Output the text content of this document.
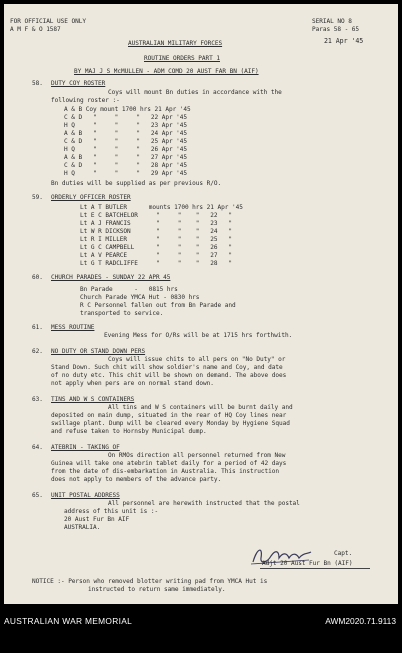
FOR OFFICIAL USE ONLY
A M F & O 1587
SERIAL NO 8
Paras 58 - 65
21 Apr '45
AUSTRALIAN MILITARY FORCES
ROUTINE ORDERS PART 1
BY MAJ J S McMULLEN - ADM COMD 20 AUST FAR BN (AIF)
58. DUTY COY ROSTER
Coys will mount Bn duties in accordance with the
following roster :-
A & B Coy mount 1700 hrs 21 Apr '45
C & D   "     "     "   22 Apr '45
H Q     "     "     "   23 Apr '45
A & B   "     "     "   24 Apr '45
C & D   "     "     "   25 Apr '45
H Q     "     "     "   26 Apr '45
A & B   "     "     "   27 Apr '45
C & D   "     "     "   28 Apr '45
H Q     "     "     "   29 Apr '45
Bn duties will be supplied as per previous R/O.
59. ORDERLY OFFICER ROSTER
Lt A T BUTLER      mounts 1700 hrs 21 Apr '45
Lt E C BATCHELOR     "     "    "   22   "
Lt A J FRANCIS       "     "    "   23   "
Lt W R DICKSON       "     "    "   24   "
Lt R I MILLER        "     "    "   25   "
Lt G C CAMPBELL      "     "    "   26   "
Lt A V PEARCE        "     "    "   27   "
Lt G T RADCLIFFE     "     "    "   28   "
60. CHURCH PARADES - SUNDAY 22 APR 45
Bn Parade      -   0815 hrs
Church Parade YMCA Hut - 0830 hrs
R C Personnel fallen out from Bn Parade and
transported to service.
61. MESS ROUTINE
Evening Mess for O/Rs will be at 1715 hrs forthwith.
62. NO DUTY OR STAND DOWN PERS
Coys will issue chits to all pers on "No Duty" or
Stand Down. Such chit will show soldier's name and Coy, and date
of no duty etc. This chit will be shown on demand. The above does
not apply when pers are on normal stand down.
63. TINS AND W S CONTAINERS
All tins and W S containers will be burnt daily and
deposited on main dump, situated in the rear of HQ Coy lines near
swillage plant. Dump will be cleared every Monday by Hygiene Squad
and refuse taken to Hornsby Municipal dump.
64. ATEBRIN - TAKING OF
On RMOs direction all personnel returned from New
Guinea will take one atebrin tablet daily for a period of 42 days
from the date of dis-embarkation in Australia. This instruction
does not apply to members of the advance party.
65. UNIT POSTAL ADDRESS
All personnel are herewith instructed that the postal
address of this unit is :-
20 Aust Fur Bn AIF
AUSTRALIA.
Capt.
Adjt 20 Aust Fur Bn (AIF)
NOTICE :- Person who removed blotter writing pad from YMCA Hut is
instructed to return same immediately.
AUSTRALIAN WAR MEMORIAL	AWM2020.71.9113
